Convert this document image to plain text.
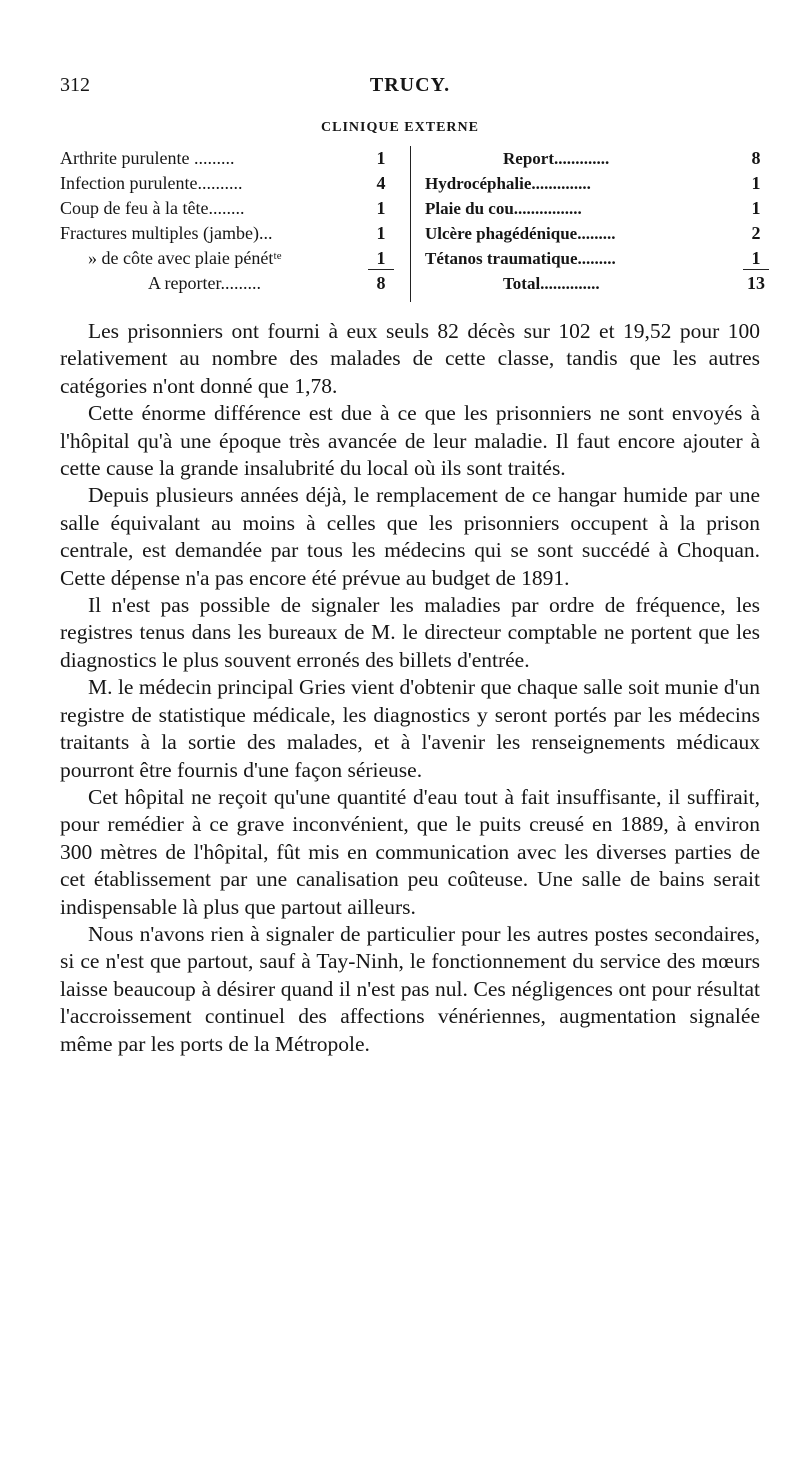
312	TRUCY.
CLINIQUE EXTERNE
Arthrite purulente .........	1
Infection purulente..........	4
Coup de feu à la tête........	1
Fractures multiples (jambe)...	1
» de côte avec plaie pénétᵗᵉ	1
A reporter.........	8
Report.............	8
Hydrocéphalie..............	1
Plaie du cou................	1
Ulcère phagédénique.........	2
Tétanos traumatique.........	1
Total..............	13

Les prisonniers ont fourni à eux seuls 82 décès sur 102 et 19,52 pour 100 relativement au nombre des malades de cette classe, tandis que les autres catégories n'ont donné que 1,78.

Cette énorme différence est due à ce que les prisonniers ne sont envoyés à l'hôpital qu'à une époque très avancée de leur maladie. Il faut encore ajouter à cette cause la grande insalubrité du local où ils sont traités.

Depuis plusieurs années déjà, le remplacement de ce hangar humide par une salle équivalant au moins à celles que les prisonniers occupent à la prison centrale, est demandée par tous les médecins qui se sont succédé à Choquan. Cette dépense n'a pas encore été prévue au budget de 1891.

Il n'est pas possible de signaler les maladies par ordre de fréquence, les registres tenus dans les bureaux de M. le directeur comptable ne portent que les diagnostics le plus souvent erronés des billets d'entrée.

M. le médecin principal Gries vient d'obtenir que chaque salle soit munie d'un registre de statistique médicale, les diagnostics y seront portés par les médecins traitants à la sortie des malades, et à l'avenir les renseignements médicaux pourront être fournis d'une façon sérieuse.

Cet hôpital ne reçoit qu'une quantité d'eau tout à fait insuffisante, il suffirait, pour remédier à ce grave inconvénient, que le puits creusé en 1889, à environ 300 mètres de l'hôpital, fût mis en communication avec les diverses parties de cet établissement par une canalisation peu coûteuse. Une salle de bains serait indispensable là plus que partout ailleurs.

Nous n'avons rien à signaler de particulier pour les autres postes secondaires, si ce n'est que partout, sauf à Tay-Ninh, le fonctionnement du service des mœurs laisse beaucoup à désirer quand il n'est pas nul. Ces négligences ont pour résultat l'accroissement continuel des affections vénériennes, augmentation signalée même par les ports de la Métropole.
